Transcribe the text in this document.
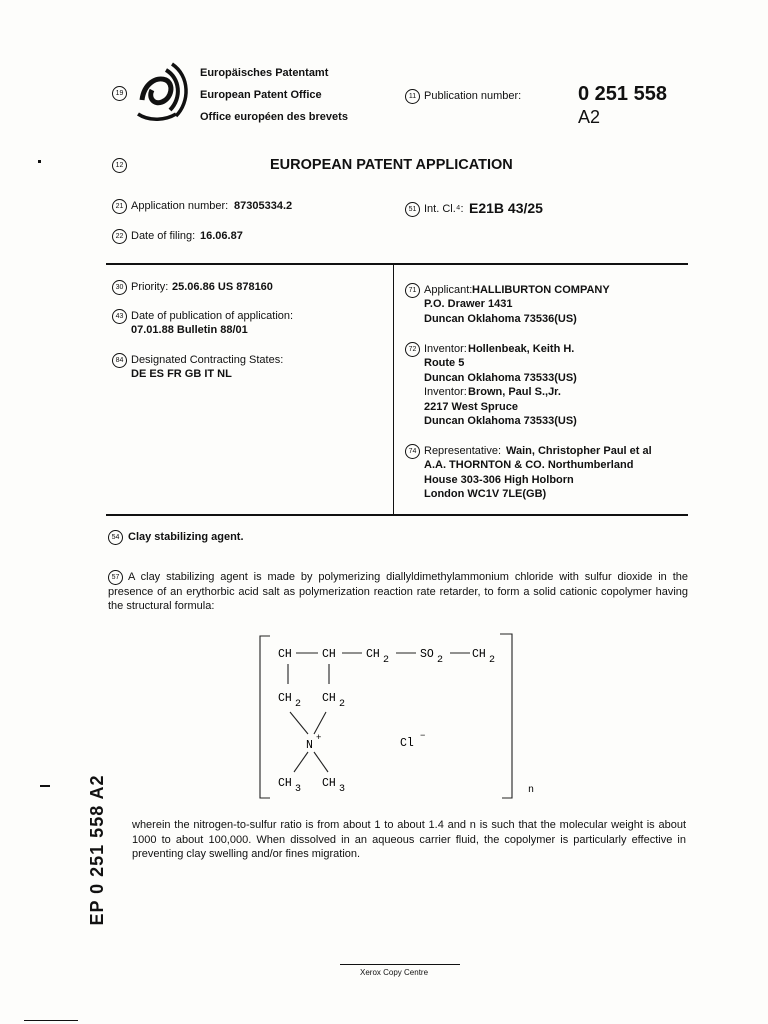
19
Europäisches Patentamt
European Patent Office
Office européen des brevets
11 Publication number:	0 251 558
A2
12	EUROPEAN PATENT APPLICATION
21 Application number: 87305334.2
22 Date of filing: 16.06.87
51 Int. Cl.⁴: E21B 43/25
30 Priority: 25.06.86 US 878160
43 Date of publication of application:
07.01.88 Bulletin 88/01
84 Designated Contracting States:
DE ES FR GB IT NL
71 Applicant: HALLIBURTON COMPANY
P.O. Drawer 1431
Duncan Oklahoma 73536(US)
72 Inventor: Hollenbeak, Keith H.
Route 5
Duncan Oklahoma 73533(US)
Inventor: Brown, Paul S.,Jr.
2217 West Spruce
Duncan Oklahoma 73533(US)
74 Representative: Wain, Christopher Paul et al
A.A. THORNTON & CO. Northumberland
House 303-306 High Holborn
London WC1V 7LE(GB)
54 Clay stabilizing agent.
57 A clay stabilizing agent is made by polymerizing diallyldimethylammonium chloride with sulfur dioxide in the presence of an erythorbic acid salt as polymerization reaction rate retarder, to form a solid cationic copolymer having the structural formula:
CH	CH	CH 2	SO 2	CH 2
CH 2 CH 2
N
+	Cl
−
CH 3 CH 3	n
wherein the nitrogen-to-sulfur ratio is from about 1 to about 1.4 and n is such that the molecular weight is about 1000 to about 100,000. When dissolved in an aqueous carrier fluid, the copolymer is particularly effective in preventing clay swelling and/or fines migration.
EP 0 251 558 A2
Xerox Copy Centre
